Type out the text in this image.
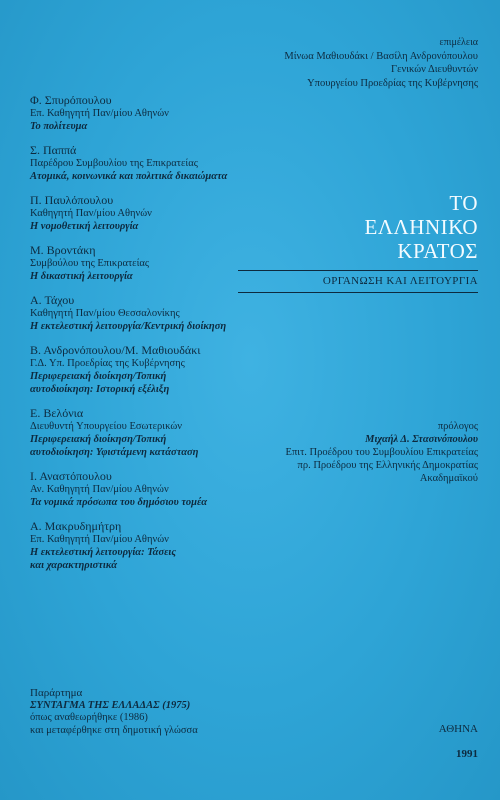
επιμέλεια
Μίνωα Μαθιουδάκι / Βασίλη Ανδρονόπουλου
Γενικών Διευθυντών
Υπουργείου Προεδρίας της Κυβέρνησης
Φ. Σπυρόπουλου
Επ. Καθηγητή Παν/μίου Αθηνών
Το πολίτευμα
Σ. Παππά
Παρέδρου Συμβουλίου της Επικρατείας
Ατομικά, κοινωνικά και πολιτικά δικαιώματα
Π. Παυλόπουλου
Καθηγητή Παν/μίου Αθηνών
Η νομοθετική λειτουργία
Μ. Βροντάκη
Συμβούλου της Επικρατείας
Η δικαστική λειτουργία
Α. Τάχου
Καθηγητή Παν/μίου Θεσσαλονίκης
Η εκτελεστική λειτουργία/Κεντρική διοίκηση
Β. Ανδρονόπουλου/Μ. Μαθιουδάκι
Γ.Δ. Υπ. Προεδρίας της Κυβέρνησης
Περιφερειακή διοίκηση/Τοπική
αυτοδιοίκηση: Ιστορική εξέλιξη
Ε. Βελόνια
Διευθυντή Υπουργείου Εσωτερικών
Περιφερειακή διοίκηση/Τοπική
αυτοδιοίκηση: Υφιστάμενη κατάσταση
Ι. Αναστόπουλου
Αν. Καθηγητή Παν/μίου Αθηνών
Τα νομικά πρόσωπα του δημόσιου τομέα
Α. Μακρυδημήτρη
Επ. Καθηγητή Παν/μίου Αθηνών
Η εκτελεστική λειτουργία: Τάσεις
και χαρακτηριστικά
ΤΟ
ΕΛΛΗΝΙΚΟ
ΚΡΑΤΟΣ
ΟΡΓΑΝΩΣΗ ΚΑΙ ΛΕΙΤΟΥΡΓΙΑ
πρόλογος
Μιχαήλ Δ. Στασινόπουλου
Επιτ. Προέδρου του Συμβουλίου Επικρατείας
πρ. Προέδρου της Ελληνικής Δημοκρατίας
Ακαδημαϊκού
Παράρτημα
ΣΥΝΤΑΓΜΑ ΤΗΣ ΕΛΛΑΔΑΣ (1975)
όπως αναθεωρήθηκε (1986)
και μεταφέρθηκε στη δημοτική γλώσσα	ΑΘΗΝΑ
1991
